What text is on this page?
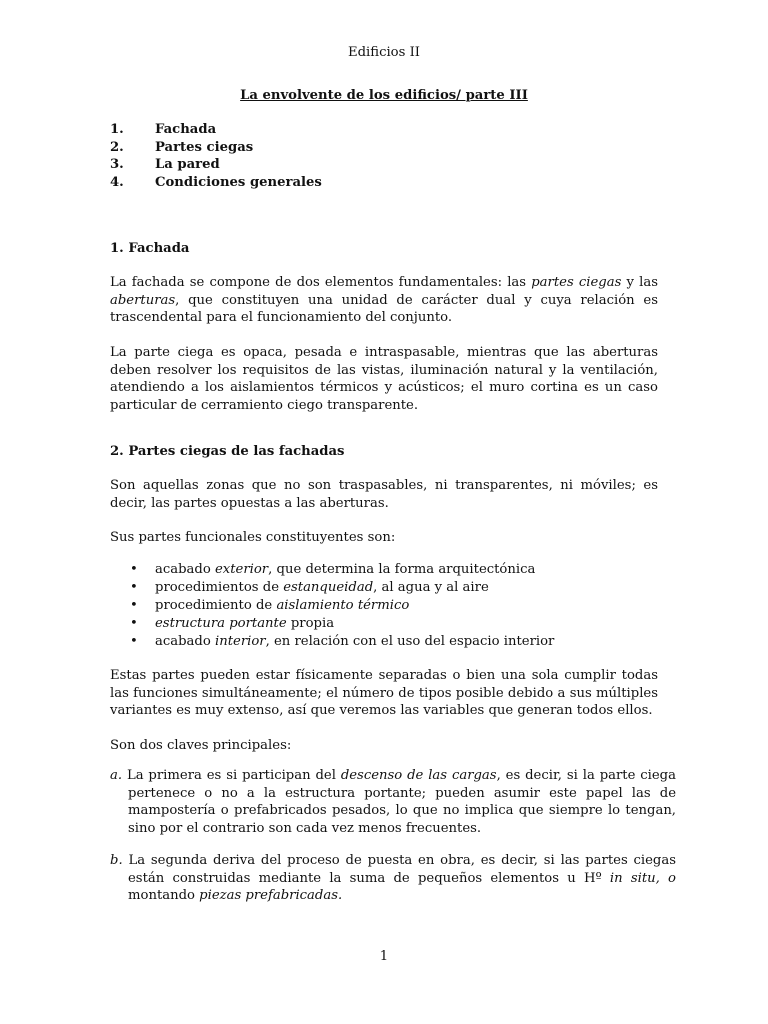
Edificios II
La envolvente de los edificios/ parte III
1.	Fachada
2.	Partes ciegas
3.	La pared
4.	Condiciones generales
1. Fachada
La fachada se compone de dos elementos fundamentales: las partes ciegas y las aberturas, que constituyen una unidad de carácter dual y cuya relación es trascendental para el funcionamiento del conjunto.
La parte ciega es opaca, pesada e intraspasable, mientras que las aberturas deben resolver los requisitos de las vistas, iluminación natural y la ventilación, atendiendo a los aislamientos térmicos y acústicos; el muro cortina es un caso particular de cerramiento ciego transparente.
2. Partes ciegas de las fachadas
Son aquellas zonas que no son traspasables, ni transparentes, ni móviles; es decir, las partes opuestas a las aberturas.
Sus partes funcionales constituyentes son:
•	acabado exterior, que determina la forma arquitectónica
•	procedimientos de estanqueidad, al agua y al aire
•	procedimiento de aislamiento térmico
•	estructura portante propia
•	acabado interior, en relación con el uso del espacio interior
Estas partes pueden estar físicamente separadas o bien una sola cumplir todas las funciones simultáneamente; el número de tipos posible debido a sus múltiples variantes es muy extenso, así que veremos las variables que generan todos ellos.
Son dos claves principales:
a. La primera es si participan del descenso de las cargas, es decir, si la parte ciega pertenece o no a la estructura portante; pueden asumir este papel las de mampostería o prefabricados pesados, lo que no implica que siempre lo tengan, sino por el contrario son cada vez menos frecuentes.
b. La segunda deriva del proceso de puesta en obra, es decir, si las partes ciegas están construidas mediante la suma de pequeños elementos u Hº in situ, o montando piezas prefabricadas.
1
